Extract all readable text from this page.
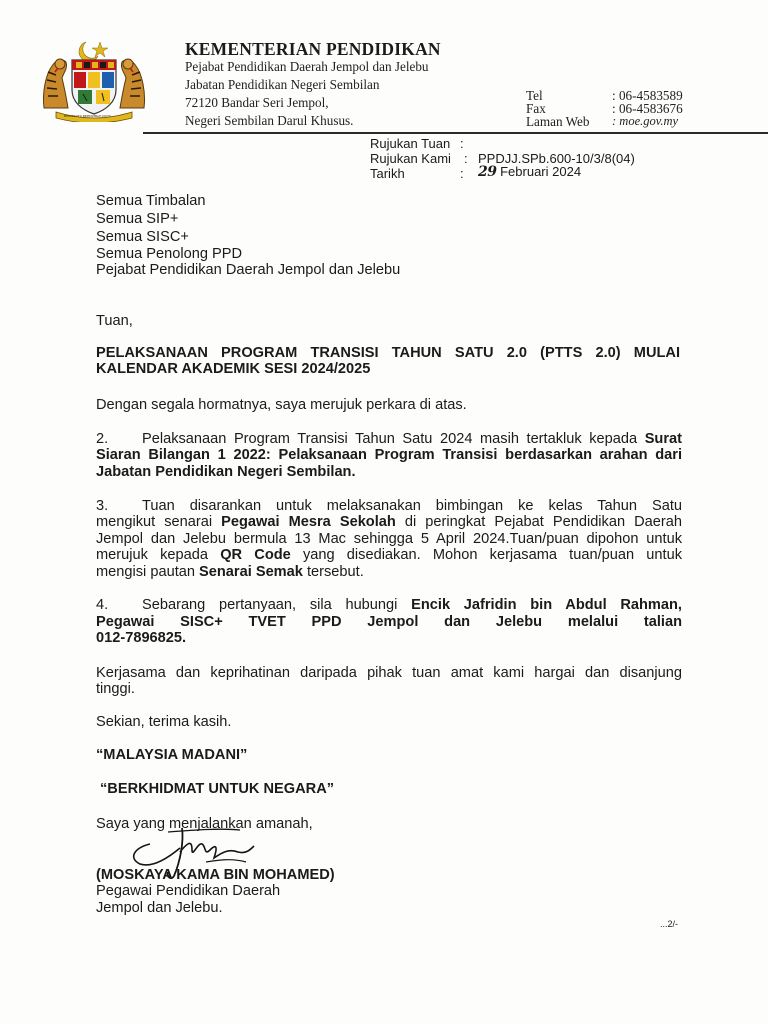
BERSEKUTU BERTAMBAH MUTU
KEMENTERIAN PENDIDIKAN
Pejabat Pendidikan Daerah Jempol dan Jelebu
Jabatan Pendidikan Negeri Sembilan
72120 Bandar Seri Jempol,
Negeri Sembilan Darul Khusus.
Tel	: 06-4583589
Fax	: 06-4583676
Laman Web : moe.gov.my
Rujukan Tuan :
Rujukan Kami : PPDJJ.SPb.600-10/3/8(04)
Tarikh	: 29 Februari 2024
Semua Timbalan
Semua SIP+
Semua SISC+
Semua Penolong PPD
Pejabat Pendidikan Daerah Jempol dan Jelebu
Tuan,
PELAKSANAAN PROGRAM TRANSISI TAHUN SATU 2.0 (PTTS 2.0) MULAI
KALENDAR AKADEMIK SESI 2024/2025
Dengan segala hormatnya, saya merujuk perkara di atas.
2. Pelaksanaan Program Transisi Tahun Satu 2024 masih tertakluk kepada Surat
Siaran Bilangan 1 2022: Pelaksanaan Program Transisi berdasarkan arahan dari
Jabatan Pendidikan Negeri Sembilan.
3. Tuan disarankan untuk melaksanakan bimbingan ke kelas Tahun Satu
mengikut senarai Pegawai Mesra Sekolah di peringkat Pejabat Pendidikan Daerah
Jempol dan Jelebu bermula 13 Mac sehingga 5 April 2024.Tuan/puan dipohon untuk
merujuk kepada QR Code yang disediakan. Mohon kerjasama tuan/puan untuk
mengisi pautan Senarai Semak tersebut.
4. Sebarang pertanyaan, sila hubungi Encik Jafridin bin Abdul Rahman,
Pegawai SISC+ TVET PPD Jempol dan Jelebu melalui talian
012-7896825.
Kerjasama dan keprihatinan daripada pihak tuan amat kami hargai dan disanjung
tinggi.
Sekian, terima kasih.
“MALAYSIA MADANI”
“BERKHIDMAT UNTUK NEGARA”
Saya yang menjalankan amanah,
(MOSKAYA KAMA BIN MOHAMED)
Pegawai Pendidikan Daerah
Jempol dan Jelebu.
...2/-
